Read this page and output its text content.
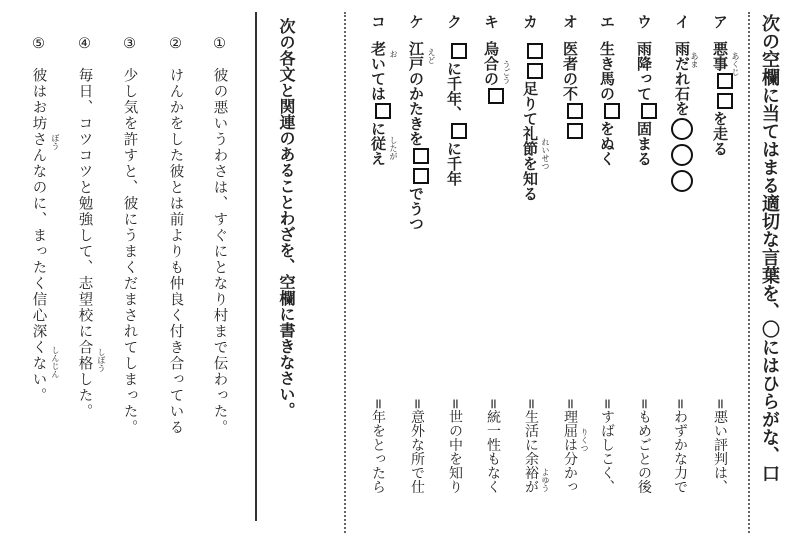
次の空欄に当てはまる適切な言葉を、〇にはひらがな、口
ア悪事を走る
イ雨だれ石を
ウ雨降って固まる
エ生き馬のをぬく
オ医者の不
カ足りて礼節を知る
キ烏合の
クに千年、に千年
ケ江戸のかたきをでうつ
コ老いてはに従え
=悪い評判は、
=わずかな力で
=もめごとの後
=すばしこく、
=理屈は分かっ
=生活に余裕が
=統一性もなく
=世の中を知り
=意外な所で仕
=年をとったら
次の各文と関連のあることわざを、空欄に書きなさい。
①彼の悪いうわさは、すぐにとなり村まで伝わった。
②けんかをした彼とは前よりも仲良く付き合っている
③少し気を許すと、彼にうまくだまされてしまった。
④毎日、コツコツと勉強して、志望校に合格した。
⑤彼はお坊さんなのに、まったく信心深くない。
あくじ
あま
りくつ
れいせつ
よゆう
うごう
えど
お
したが
しぼう
ぼう
しんじん
